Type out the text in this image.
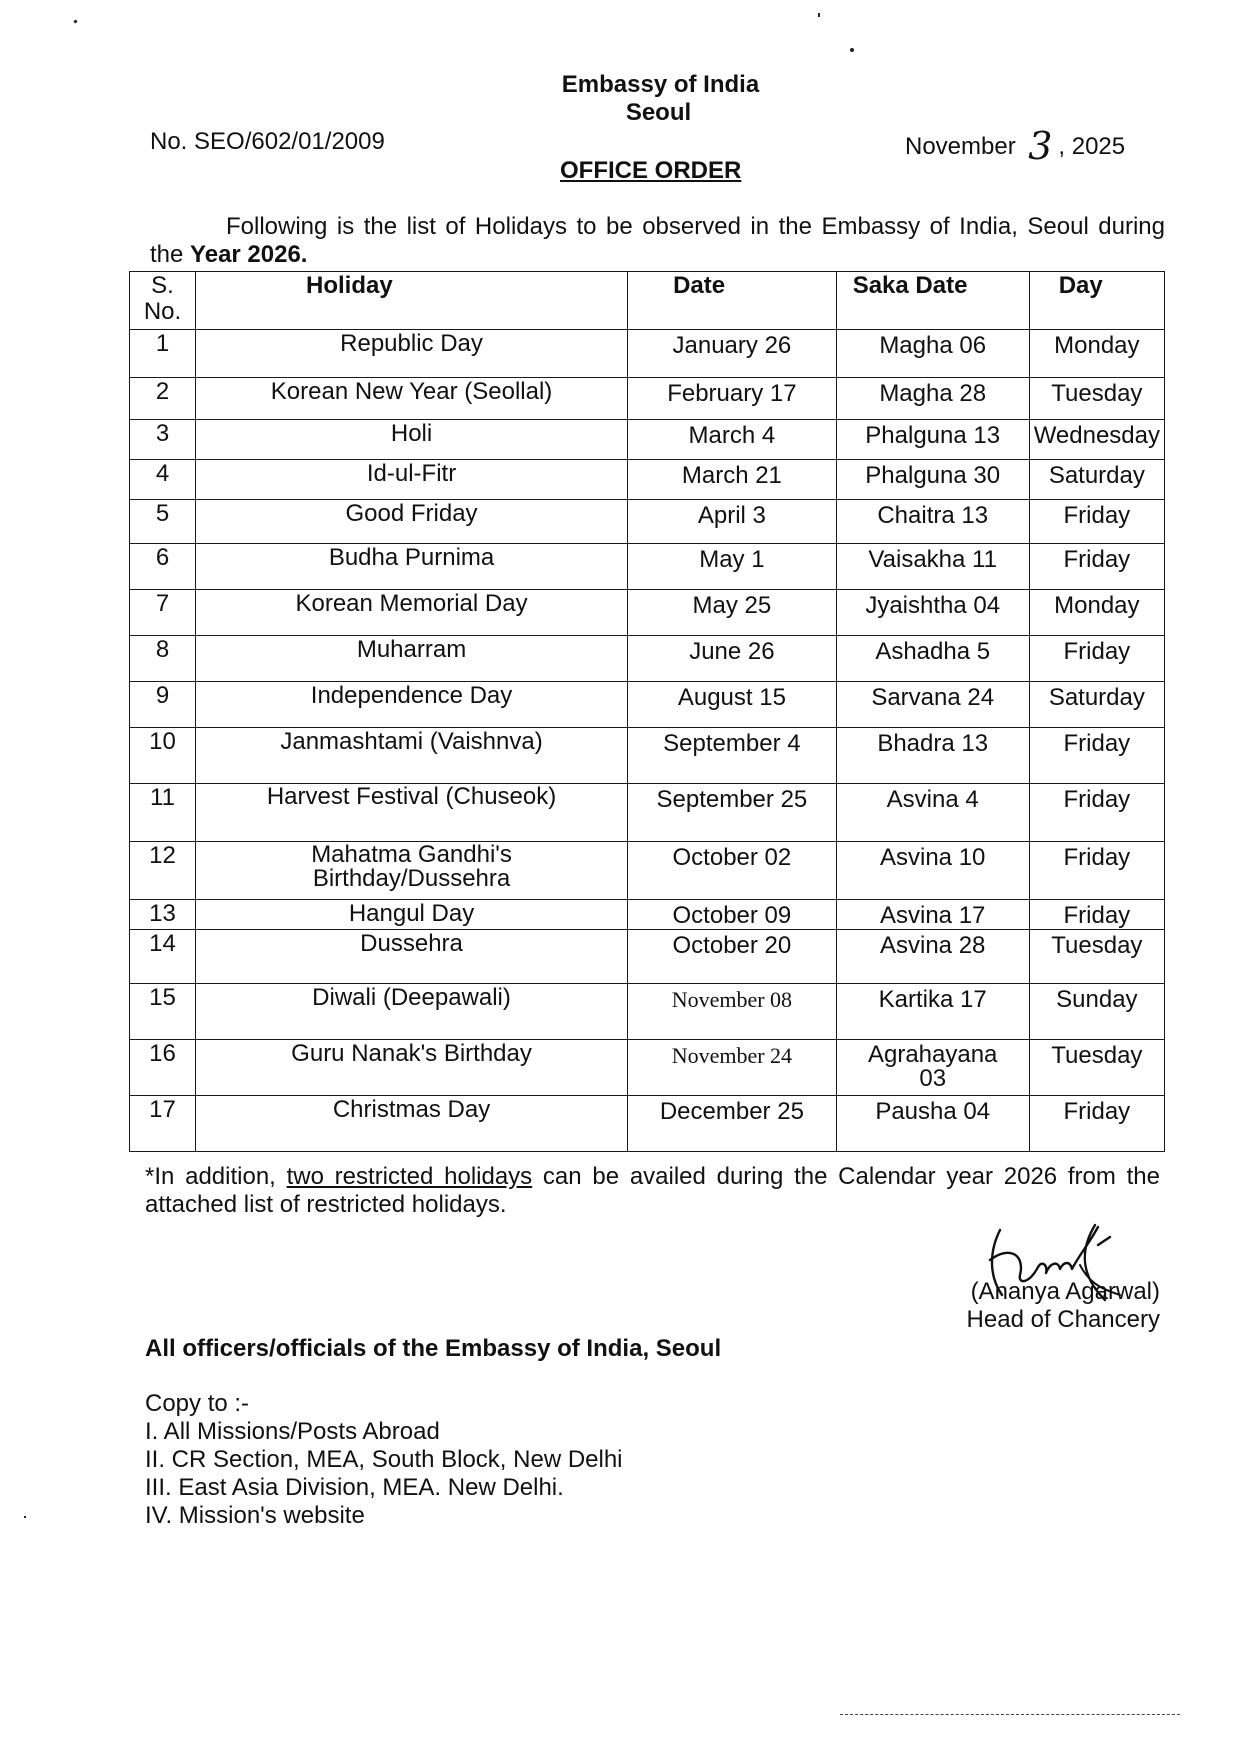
Embassy of India
Seoul
No. SEO/602/01/2009	November 3 , 2025
OFFICE ORDER
Following is the list of Holidays to be observed in the Embassy of India, Seoul during
the Year 2026.
S. No.	Holiday	Date	Saka Date	Day
1	Republic Day	January 26	Magha 06	Monday
2	Korean New Year (Seollal)	February 17	Magha 28	Tuesday
3	Holi	March 4	Phalguna 13	Wednesday
4	Id-ul-Fitr	March 21	Phalguna 30	Saturday
5	Good Friday	April 3	Chaitra 13	Friday
6	Budha Purnima	May 1	Vaisakha 11	Friday
7	Korean Memorial Day	May 25	Jyaishtha 04	Monday
8	Muharram	June 26	Ashadha 5	Friday
9	Independence Day	August 15	Sarvana 24	Saturday
10	Janmashtami (Vaishnva)	September 4	Bhadra 13	Friday
11	Harvest Festival (Chuseok)	September 25	Asvina 4	Friday
12	Mahatma Gandhi's Birthday/Dussehra	October 02	Asvina 10	Friday
13	Hangul Day	October 09	Asvina 17	Friday
14	Dussehra	October 20	Asvina 28	Tuesday
15	Diwali (Deepawali)	November 08	Kartika 17	Sunday
16	Guru Nanak's Birthday	November 24	Agrahayana 03	Tuesday
17	Christmas Day	December 25	Pausha 04	Friday
*In addition, two restricted holidays can be availed during the Calendar year 2026 from the
attached list of restricted holidays.
(Ananya Agarwal)
Head of Chancery
All officers/officials of the Embassy of India, Seoul
Copy to :-
I. All Missions/Posts Abroad
II. CR Section, MEA, South Block, New Delhi
III. East Asia Division, MEA. New Delhi.
IV. Mission's website
